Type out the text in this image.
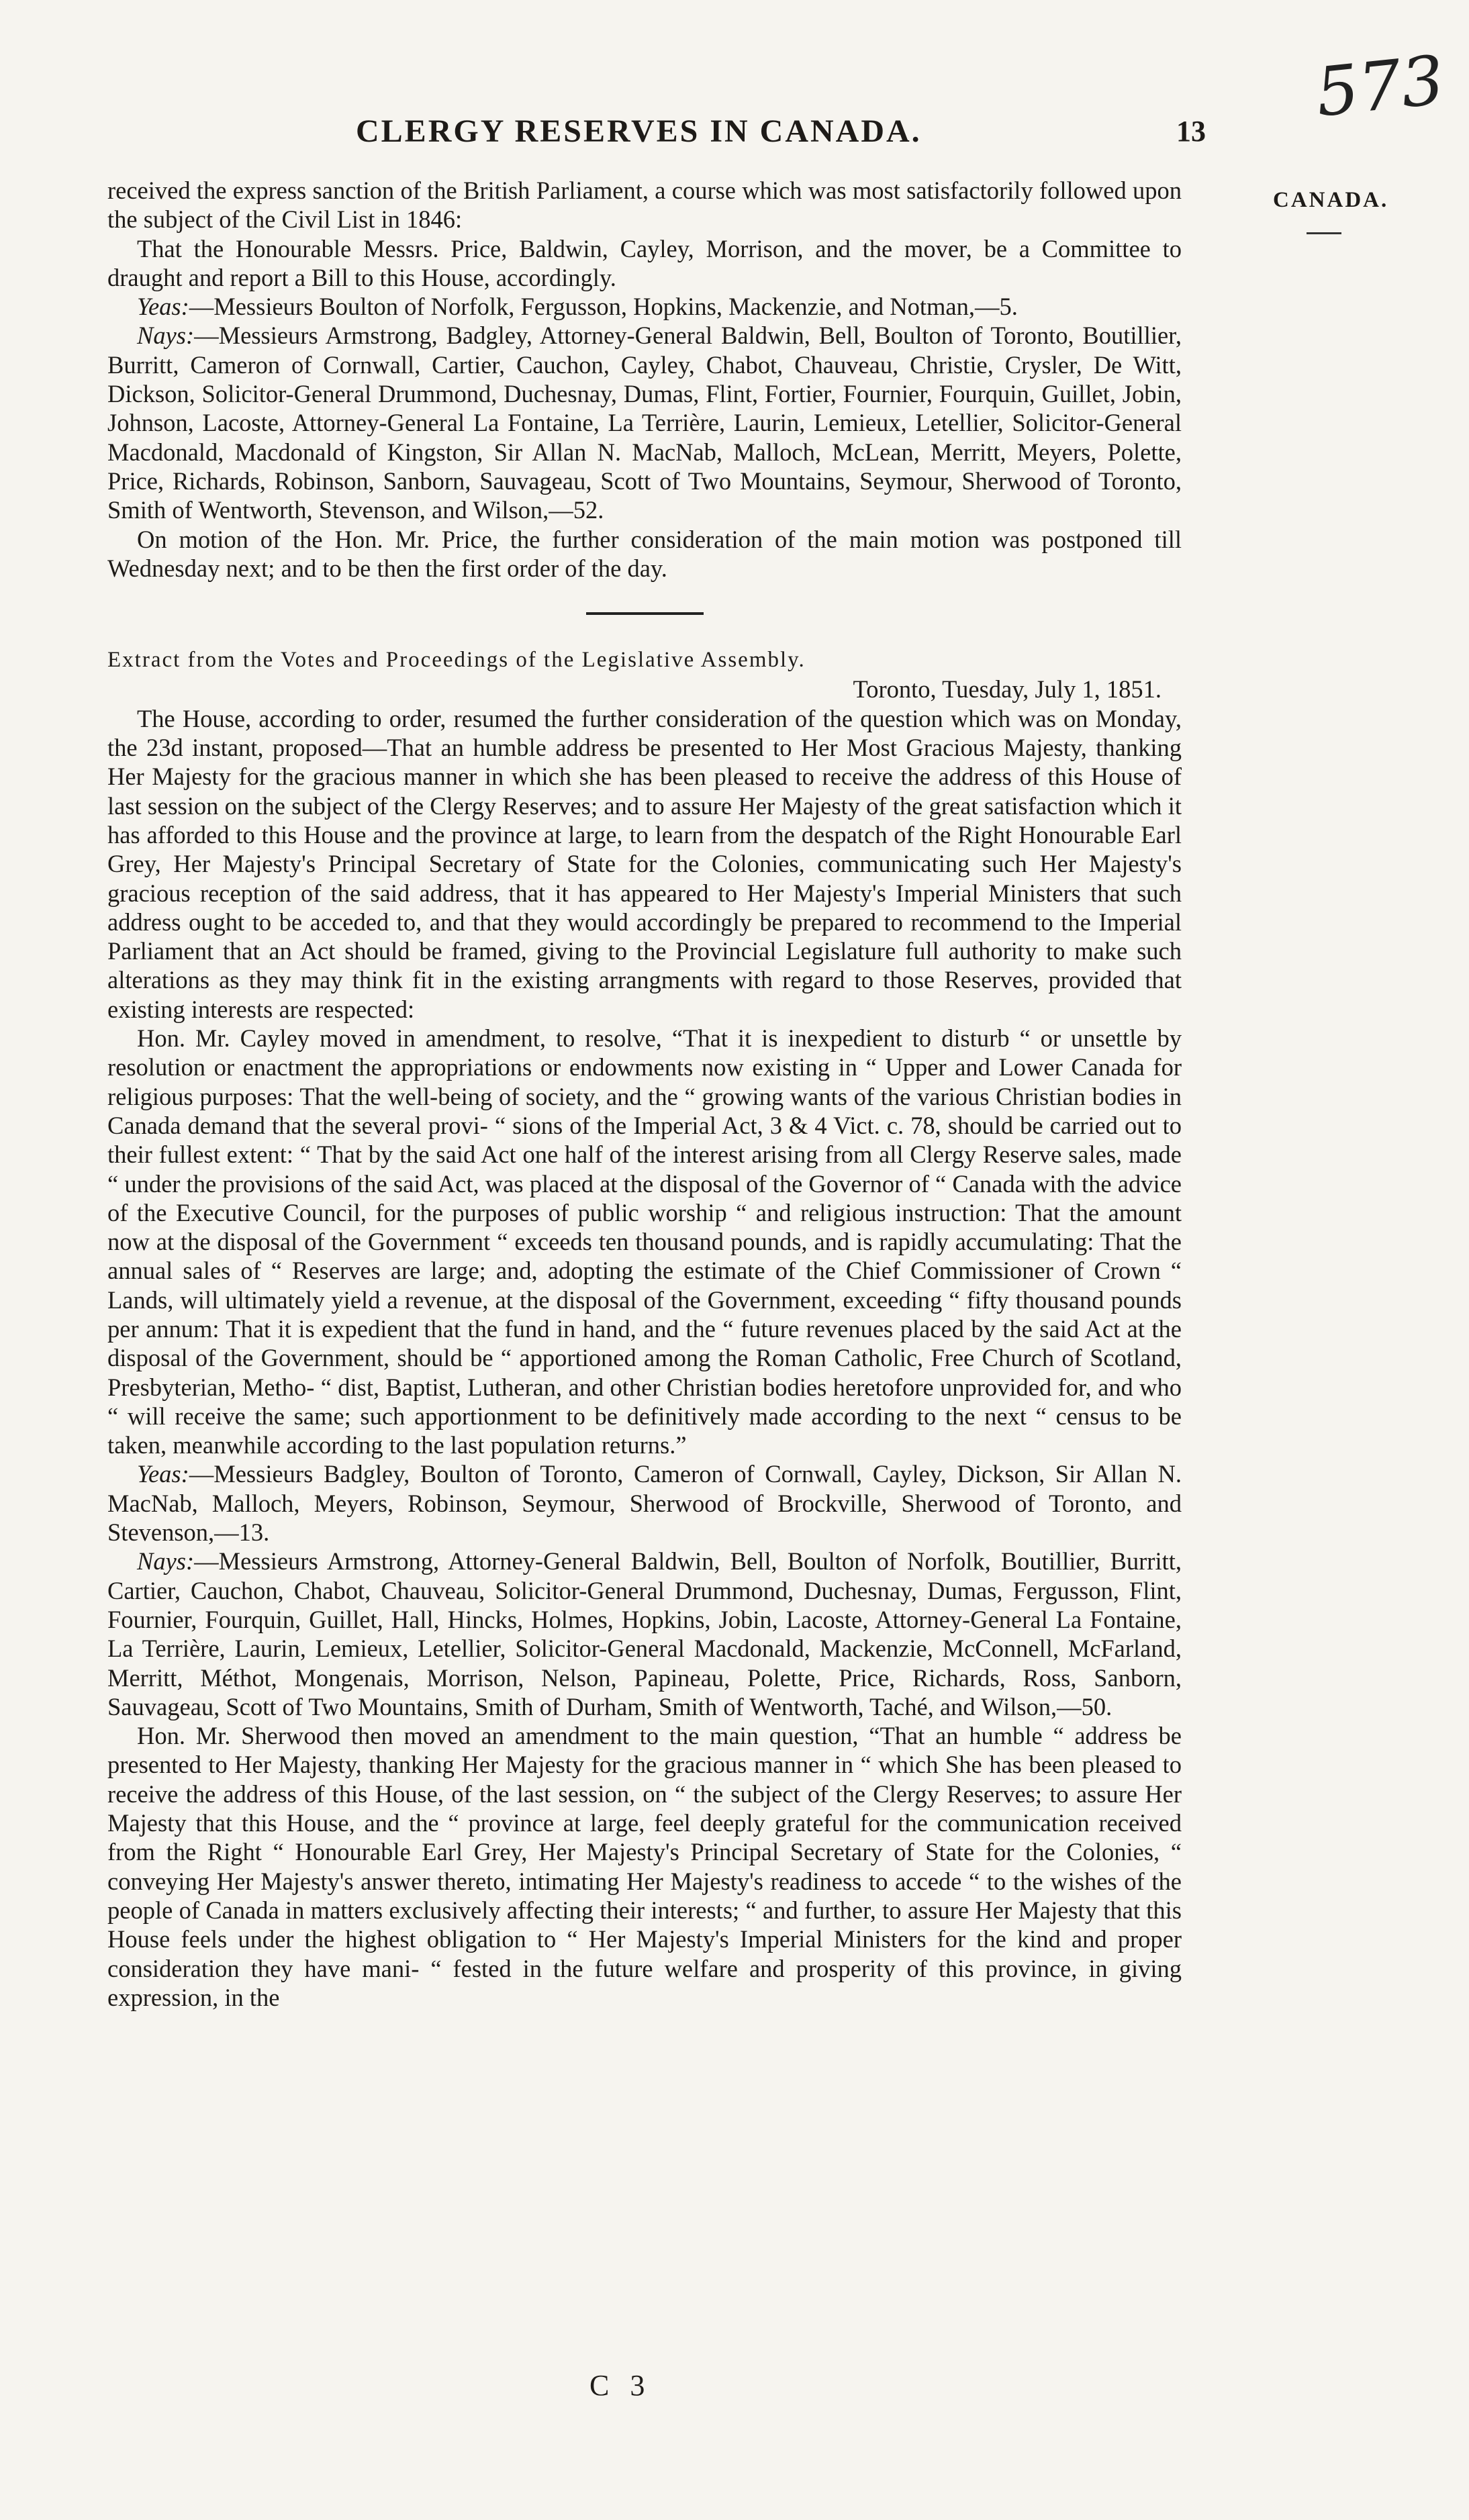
573
CLERGY RESERVES IN CANADA.	13
CANADA.

received the express sanction of the British Parliament, a course which was most satisfactorily followed upon the subject of the Civil List in 1846:

That the Honourable Messrs. Price, Baldwin, Cayley, Morrison, and the mover, be a Committee to draught and report a Bill to this House, accordingly.

Yeas:—Messieurs Boulton of Norfolk, Fergusson, Hopkins, Mackenzie, and Notman,—5.

Nays:—Messieurs Armstrong, Badgley, Attorney-General Baldwin, Bell, Boulton of Toronto, Boutillier, Burritt, Cameron of Cornwall, Cartier, Cauchon, Cayley, Chabot, Chauveau, Christie, Crysler, De Witt, Dickson, Solicitor-General Drummond, Duchesnay, Dumas, Flint, Fortier, Fournier, Fourquin, Guillet, Jobin, Johnson, Lacoste, Attorney-General La Fontaine, La Terrière, Laurin, Lemieux, Letellier, Solicitor-General Macdonald, Macdonald of Kingston, Sir Allan N. MacNab, Malloch, McLean, Merritt, Meyers, Polette, Price, Richards, Robinson, Sanborn, Sauvageau, Scott of Two Mountains, Seymour, Sherwood of Toronto, Smith of Wentworth, Stevenson, and Wilson,—52.

On motion of the Hon. Mr. Price, the further consideration of the main motion was postponed till Wednesday next; and to be then the first order of the day.

Extract from the Votes and Proceedings of the Legislative Assembly.

Toronto, Tuesday, July 1, 1851.

The House, according to order, resumed the further consideration of the question which was on Monday, the 23d instant, proposed—That an humble address be presented to Her Most Gracious Majesty, thanking Her Majesty for the gracious manner in which she has been pleased to receive the address of this House of last session on the subject of the Clergy Reserves; and to assure Her Majesty of the great satisfaction which it has afforded to this House and the province at large, to learn from the despatch of the Right Honourable Earl Grey, Her Majesty's Principal Secretary of State for the Colonies, communicating such Her Majesty's gracious reception of the said address, that it has appeared to Her Majesty's Imperial Ministers that such address ought to be acceded to, and that they would accordingly be prepared to recommend to the Imperial Parliament that an Act should be framed, giving to the Provincial Legislature full authority to make such alterations as they may think fit in the existing arrangments with regard to those Reserves, provided that existing interests are respected:

Hon. Mr. Cayley moved in amendment, to resolve, “That it is inexpedient to disturb “ or unsettle by resolution or enactment the appropriations or endowments now existing in “ Upper and Lower Canada for religious purposes: That the well-being of society, and the “ growing wants of the various Christian bodies in Canada demand that the several provi- “ sions of the Imperial Act, 3 & 4 Vict. c. 78, should be carried out to their fullest extent: “ That by the said Act one half of the interest arising from all Clergy Reserve sales, made “ under the provisions of the said Act, was placed at the disposal of the Governor of “ Canada with the advice of the Executive Council, for the purposes of public worship “ and religious instruction: That the amount now at the disposal of the Government “ exceeds ten thousand pounds, and is rapidly accumulating: That the annual sales of “ Reserves are large; and, adopting the estimate of the Chief Commissioner of Crown “ Lands, will ultimately yield a revenue, at the disposal of the Government, exceeding “ fifty thousand pounds per annum: That it is expedient that the fund in hand, and the “ future revenues placed by the said Act at the disposal of the Government, should be “ apportioned among the Roman Catholic, Free Church of Scotland, Presbyterian, Metho- “ dist, Baptist, Lutheran, and other Christian bodies heretofore unprovided for, and who “ will receive the same; such apportionment to be definitively made according to the next “ census to be taken, meanwhile according to the last population returns.”

Yeas:—Messieurs Badgley, Boulton of Toronto, Cameron of Cornwall, Cayley, Dickson, Sir Allan N. MacNab, Malloch, Meyers, Robinson, Seymour, Sherwood of Brockville, Sherwood of Toronto, and Stevenson,—13.

Nays:—Messieurs Armstrong, Attorney-General Baldwin, Bell, Boulton of Norfolk, Boutillier, Burritt, Cartier, Cauchon, Chabot, Chauveau, Solicitor-General Drummond, Duchesnay, Dumas, Fergusson, Flint, Fournier, Fourquin, Guillet, Hall, Hincks, Holmes, Hopkins, Jobin, Lacoste, Attorney-General La Fontaine, La Terrière, Laurin, Lemieux, Letellier, Solicitor-General Macdonald, Mackenzie, McConnell, McFarland, Merritt, Méthot, Mongenais, Morrison, Nelson, Papineau, Polette, Price, Richards, Ross, Sanborn, Sauvageau, Scott of Two Mountains, Smith of Durham, Smith of Wentworth, Taché, and Wilson,—50.

Hon. Mr. Sherwood then moved an amendment to the main question, “That an humble “ address be presented to Her Majesty, thanking Her Majesty for the gracious manner in “ which She has been pleased to receive the address of this House, of the last session, on “ the subject of the Clergy Reserves; to assure Her Majesty that this House, and the “ province at large, feel deeply grateful for the communication received from the Right “ Honourable Earl Grey, Her Majesty's Principal Secretary of State for the Colonies, “ conveying Her Majesty's answer thereto, intimating Her Majesty's readiness to accede “ to the wishes of the people of Canada in matters exclusively affecting their interests; “ and further, to assure Her Majesty that this House feels under the highest obligation to “ Her Majesty's Imperial Ministers for the kind and proper consideration they have mani- “ fested in the future welfare and prosperity of this province, in giving expression, in the

C 3
